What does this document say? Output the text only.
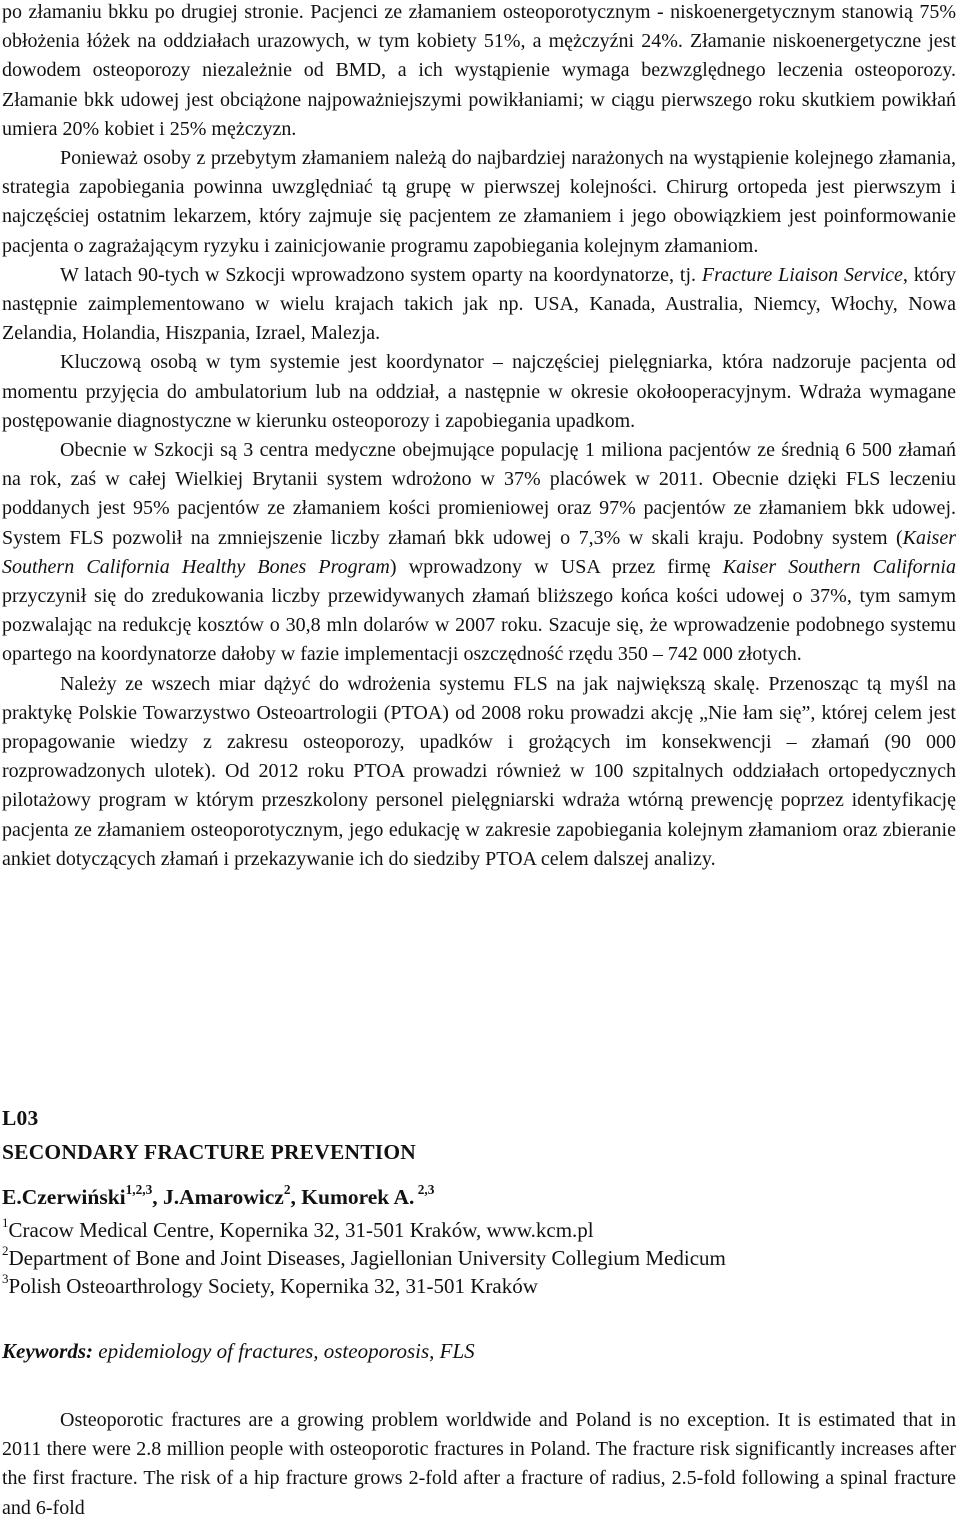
po złamaniu bkku po drugiej stronie. Pacjenci ze złamaniem osteoporotycznym - niskoenergetycznym stanowią 75% obłożenia łóżek na oddziałach urazowych, w tym kobiety 51%, a mężczyźni 24%. Złamanie niskoenergetyczne jest dowodem osteoporozy niezależnie od BMD, a ich wystąpienie wymaga bezwzględnego leczenia osteoporozy. Złamanie bkk udowej jest obciążone najpoważniejszymi powikłaniami; w ciągu pierwszego roku skutkiem powikłań umiera 20% kobiet i 25% mężczyzn.

Ponieważ osoby z przebytym złamaniem należą do najbardziej narażonych na wystąpienie kolejnego złamania, strategia zapobiegania powinna uwzględniać tą grupę w pierwszej kolejności. Chirurg ortopeda jest pierwszym i najczęściej ostatnim lekarzem, który zajmuje się pacjentem ze złamaniem i jego obowiązkiem jest poinformowanie pacjenta o zagrażającym ryzyku i zainicjowanie programu zapobiegania kolejnym złamaniom.

W latach 90-tych w Szkocji wprowadzono system oparty na koordynatorze, tj. Fracture Liaison Service, który następnie zaimplementowano w wielu krajach takich jak np. USA, Kanada, Australia, Niemcy, Włochy, Nowa Zelandia, Holandia, Hiszpania, Izrael, Malezja.

Kluczową osobą w tym systemie jest koordynator – najczęściej pielęgniarka, która nadzoruje pacjenta od momentu przyjęcia do ambulatorium lub na oddział, a następnie w okresie okołooperacyjnym. Wdraża wymagane postępowanie diagnostyczne w kierunku osteoporozy i zapobiegania upadkom.

Obecnie w Szkocji są 3 centra medyczne obejmujące populację 1 miliona pacjentów ze średnią 6 500 złamań na rok, zaś w całej Wielkiej Brytanii system wdrożono w 37% placówek w 2011. Obecnie dzięki FLS leczeniu poddanych jest 95% pacjentów ze złamaniem kości promieniowej oraz 97% pacjentów ze złamaniem bkk udowej. System FLS pozwolił na zmniejszenie liczby złamań bkk udowej o 7,3% w skali kraju. Podobny system (Kaiser Southern California Healthy Bones Program) wprowadzony w USA przez firmę Kaiser Southern California przyczynił się do zredukowania liczby przewidywanych złamań bliższego końca kości udowej o 37%, tym samym pozwalając na redukcję kosztów o 30,8 mln dolarów w 2007 roku. Szacuje się, że wprowadzenie podobnego systemu opartego na koordynatorze dałoby w fazie implementacji oszczędność rzędu 350 – 742 000 złotych.

Należy ze wszech miar dążyć do wdrożenia systemu FLS na jak największą skalę. Przenosząc tą myśl na praktykę Polskie Towarzystwo Osteoartrologii (PTOA) od 2008 roku prowadzi akcję „Nie łam się”, której celem jest propagowanie wiedzy z zakresu osteoporozy, upadków i grożących im konsekwencji – złamań (90 000 rozprowadzonych ulotek). Od 2012 roku PTOA prowadzi również w 100 szpitalnych oddziałach ortopedycznych pilotażowy program w którym przeszkolony personel pielęgniarski wdraża wtórną prewencję poprzez identyfikację pacjenta ze złamaniem osteoporotycznym, jego edukację w zakresie zapobiegania kolejnym złamaniom oraz zbieranie ankiet dotyczących złamań i przekazywanie ich do siedziby PTOA celem dalszej analizy.

L03

SECONDARY FRACTURE PREVENTION

E.Czerwiński$^{1,2,3}$, J.Amarowicz$^2$, Kumorek A. $^{2,3}$

$^1$Cracow Medical Centre, Kopernika 32, 31-501 Kraków, www.kcm.pl

$^2$Department of Bone and Joint Diseases, Jagiellonian University Collegium Medicum

$^3$Polish Osteoarthrology Society, Kopernika 32, 31-501 Kraków

Keywords: epidemiology of fractures, osteoporosis, FLS

Osteoporotic fractures are a growing problem worldwide and Poland is no exception. It is estimated that in 2011 there were 2.8 million people with osteoporotic fractures in Poland. The fracture risk significantly increases after the first fracture. The risk of a hip fracture grows 2-fold after a fracture of radius, 2.5-fold following a spinal fracture and 6-fold
